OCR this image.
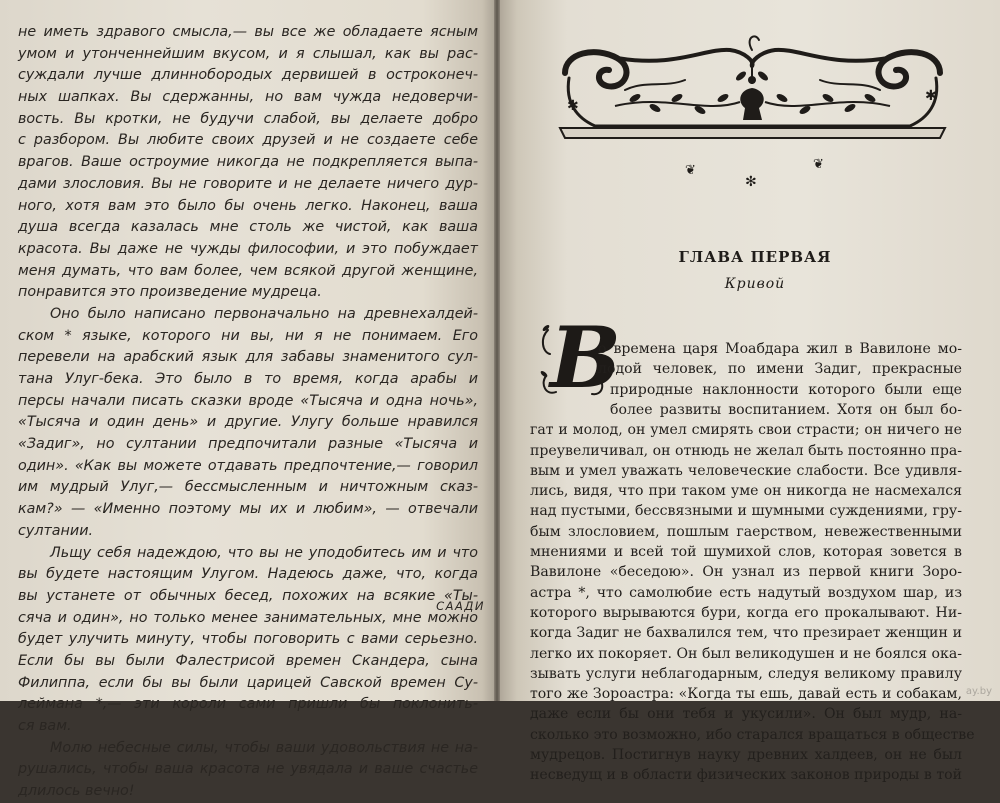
не иметь здравого смысла,— вы все же обладаете ясным
умом и утонченнейшим вкусом, и я слышал, как вы рас-
суждали лучше длиннобородых дервишей в остроконеч-
ных шапках. Вы сдержанны, но вам чужда недоверчи-
вость. Вы кротки, не будучи слабой, вы делаете добро
с разбором. Вы любите своих друзей и не создаете себе
врагов. Ваше остроумие никогда не подкрепляется выпа-
дами злословия. Вы не говорите и не делаете ничего дур-
ного, хотя вам это было бы очень легко. Наконец, ваша
душа всегда казалась мне столь же чистой, как ваша
красота. Вы даже не чужды философии, и это побуждает
меня думать, что вам более, чем всякой другой женщине,
понравится это произведение мудреца.
Оно было написано первоначально на древнехалдей-
ском * языке, которого ни вы, ни я не понимаем. Его
перевели на арабский язык для забавы знаменитого сул-
тана Улуг-бека. Это было в то время, когда арабы и
персы начали писать сказки вроде «Тысяча и одна ночь»,
«Тысяча и один день» и другие. Улугу больше нравился
«Задиг», но султании предпочитали разные «Тысяча и
один». «Как вы можете отдавать предпочтение,— говорил
им мудрый Улуг,— бессмысленным и ничтожным сказ-
кам?» — «Именно поэтому мы их и любим», — отвечали
султании.
Льщу себя надеждою, что вы не уподобитесь им и что
вы будете настоящим Улугом. Надеюсь даже, что, когда
вы устанете от обычных бесед, похожих на всякие «Ты-
сяча и один», но только менее занимательных, мне можно
будет улучить минуту, чтобы поговорить с вами серьезно.
Если бы вы были Фалестрисой времен Скандера, сына
Филиппа, если бы вы были царицей Савской времен Су-
леймана *,— эти короли сами пришли бы поклонить-
ся вам.
Молю небесные силы, чтобы ваши удовольствия не на-
рушались, чтобы ваша красота не увядала и ваше счастье
длилось вечно!
СААДИ
✱
✱
❦	❦
✻
ГЛАВА ПЕРВАЯ
Кривой
В
о времена царя Моабдара жил в Вавилоне мо-
лодой человек, по имени Задиг, прекрасные
природные наклонности которого были еще
более развиты воспитанием. Хотя он был бо-
гат и молод, он умел смирять свои страсти; он ничего не
преувеличивал, он отнюдь не желал быть постоянно пра-
вым и умел уважать человеческие слабости. Все удивля-
лись, видя, что при таком уме он никогда не насмехался
над пустыми, бессвязными и шумными суждениями, гру-
бым злословием, пошлым гаерством, невежественными
мнениями и всей той шумихой слов, которая зовется в
Вавилоне «беседою». Он узнал из первой книги Зоро-
астра *, что самолюбие есть надутый воздухом шар, из
которого вырываются бури, когда его прокалывают. Ни-
когда Задиг не бахвалился тем, что презирает женщин и
легко их покоряет. Он был великодушен и не боялся ока-
зывать услуги неблагодарным, следуя великому правилу
того же Зороастра: «Когда ты ешь, давай есть и собакам,
даже если бы они тебя и укусили». Он был мудр, на-
сколько это возможно, ибо старался вращаться в обществе
мудрецов. Постигнув науку древних халдеев, он не был
несведущ и в области физических законов природы в той
ay.by
